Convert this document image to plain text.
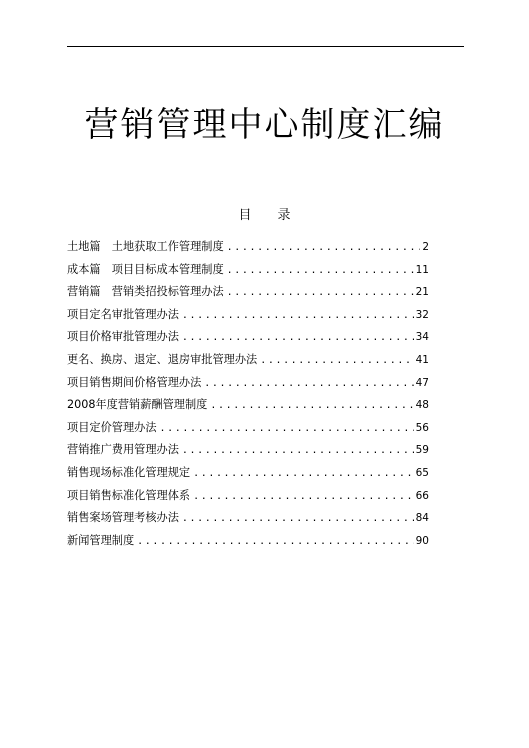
营销管理中心制度汇编
目 录
土地篇　土地获取工作管理制度 .....	2
成本篇　项目目标成本管理制度 .....	11
营销篇　营销类招投标管理办法 .....	21
项目定名审批管理办法 .....	32
项目价格审批管理办法 .....	34
更名、换房、退定、退房审批管理办法 .....	41
项目销售期间价格管理办法 .....	47
2008年度营销薪酬管理制度 .....	48
项目定价管理办法 .....	56
营销推广费用管理办法 .....	59
销售现场标准化管理规定 .....	65
项目销售标准化管理体系 .....	66
销售案场管理考核办法 .....	84
新闻管理制度 .....	90
